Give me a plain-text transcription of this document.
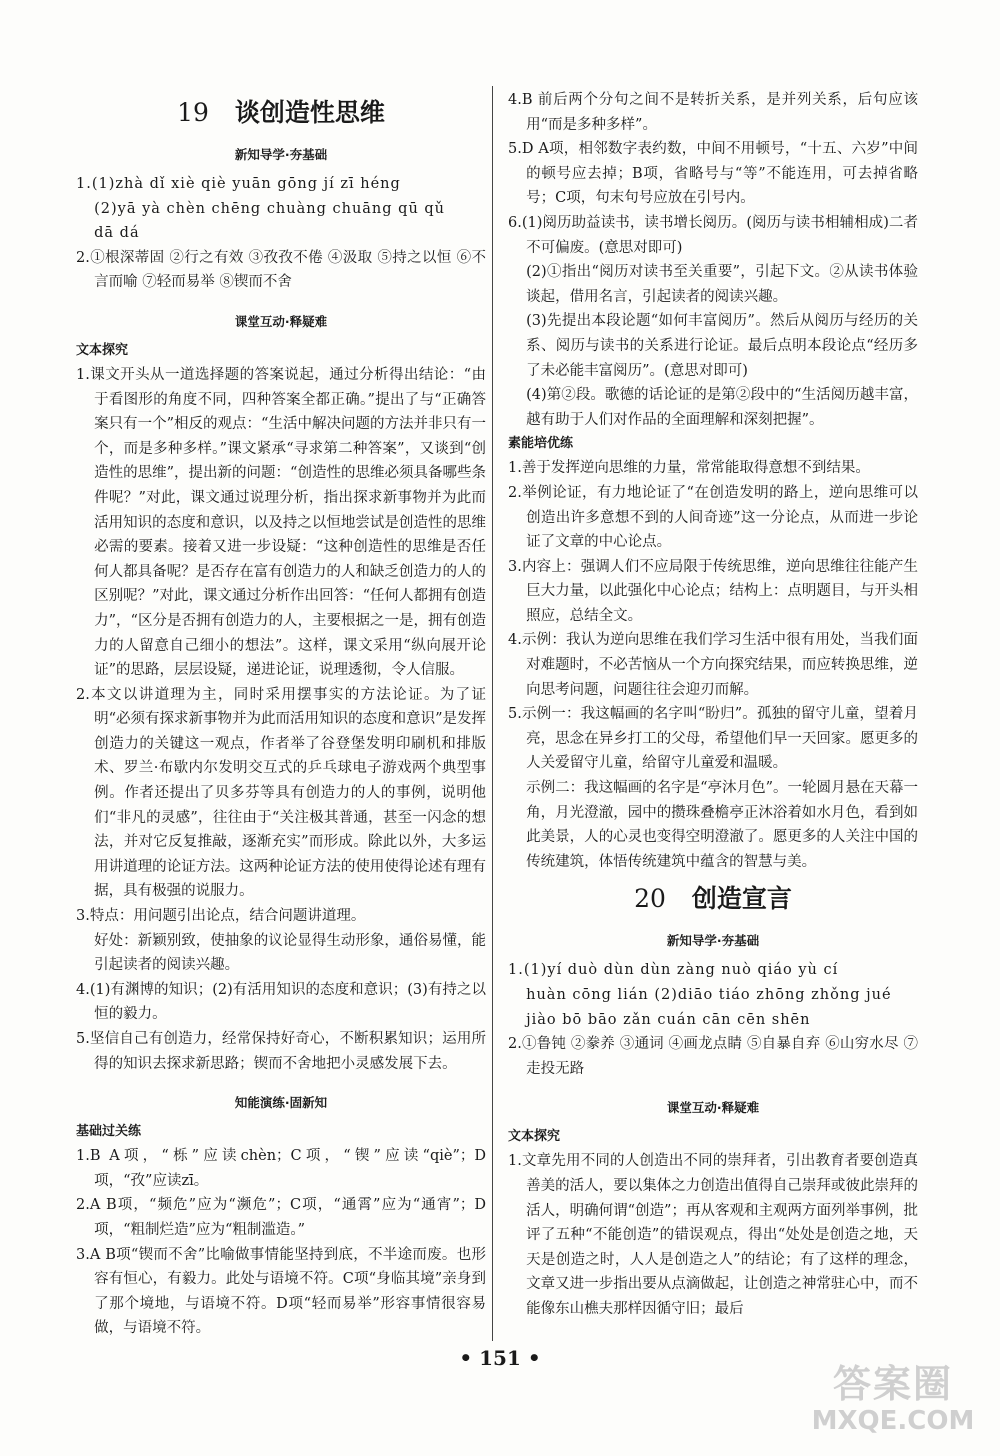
19 谈创造性思维
新知导学·夯基础

1.(1)zhà dǐ xiè qiè yuān gōng jí zī héng

(2)yā yà chèn chēng chuàng chuāng qū qǔ

dā dá

2.①根深蒂固 ②行之有效 ③孜孜不倦 ④汲取 ⑤持之以恒 ⑥不言而喻 ⑦轻而易举 ⑧锲而不舍

课堂互动·释疑难
文本探究

1.课文开头从一道选择题的答案说起，通过分析得出结论：“由于看图形的角度不同，四种答案全都正确。”提出了与“正确答案只有一个”相反的观点：“生活中解决问题的方法并非只有一个，而是多种多样。”课文紧承“寻求第二种答案”，又谈到“创造性的思维”，提出新的问题：“创造性的思维必须具备哪些条件呢？”对此，课文通过说理分析，指出探求新事物并为此而活用知识的态度和意识，以及持之以恒地尝试是创造性的思维必需的要素。接着又进一步设疑：“这种创造性的思维是否任何人都具备呢？是否存在富有创造力的人和缺乏创造力的人的区别呢？”对此，课文通过分析作出回答：“任何人都拥有创造力”，“区分是否拥有创造力的人，主要根据之一是，拥有创造力的人留意自己细小的想法”。这样，课文采用“纵向展开论证”的思路，层层设疑，递进论证，说理透彻，令人信服。

2.本文以讲道理为主，同时采用摆事实的方法论证。为了证明“必须有探求新事物并为此而活用知识的态度和意识”是发挥创造力的关键这一观点，作者举了谷登堡发明印刷机和排版术、罗兰·布歇内尔发明交互式的乒乓球电子游戏两个典型事例。作者还提出了贝多芬等具有创造力的人的事例，说明他们“非凡的灵感”，往往由于“关注极其普通，甚至一闪念的想法，并对它反复推敲，逐渐充实”而形成。除此以外，大多运用讲道理的论证方法。这两种论证方法的使用使得论述有理有据，具有极强的说服力。

3.特点：用问题引出论点，结合问题讲道理。

好处：新颖别致，使抽象的议论显得生动形象，通俗易懂，能引起读者的阅读兴趣。

4.(1)有渊博的知识；(2)有活用知识的态度和意识；(3)有持之以恒的毅力。

5.坚信自己有创造力，经常保持好奇心，不断积累知识；运用所得的知识去探求新思路；锲而不舍地把小灵感发展下去。

知能演练·固新知
基础过关练

1.B A项，“栎”应读chèn；C项，“锲”应读“qiè”；D项，“孜”应读zī。

2.A B项，“频危”应为“濒危”；C项，“通霄”应为“通宵”；D项，“粗制烂造”应为“粗制滥造。”

3.A B项“锲而不舍”比喻做事情能坚持到底，不半途而废。也形容有恒心，有毅力。此处与语境不符。C项“身临其境”亲身到了那个境地，与语境不符。D项“轻而易举”形容事情很容易做，与语境不符。

4.B 前后两个分句之间不是转折关系，是并列关系，后句应该用“而是多种多样”。

5.D A项，相邻数字表约数，中间不用顿号，“十五、六岁”中间的顿号应去掉；B项，省略号与“等”不能连用，可去掉省略号；C项，句末句号应放在引号内。

6.(1)阅历助益读书，读书增长阅历。(阅历与读书相辅相成)二者不可偏废。(意思对即可)

(2)①指出“阅历对读书至关重要”，引起下文。②从读书体验谈起，借用名言，引起读者的阅读兴趣。

(3)先提出本段论题“如何丰富阅历”。然后从阅历与经历的关系、阅历与读书的关系进行论证。最后点明本段论点“经历多了未必能丰富阅历”。(意思对即可)

(4)第②段。歌德的话论证的是第②段中的“生活阅历越丰富，越有助于人们对作品的全面理解和深刻把握”。

素能培优练

1.善于发挥逆向思维的力量，常常能取得意想不到结果。

2.举例论证，有力地论证了“在创造发明的路上，逆向思维可以创造出许多意想不到的人间奇迹”这一分论点，从而进一步论证了文章的中心论点。

3.内容上：强调人们不应局限于传统思维，逆向思维往往能产生巨大力量，以此强化中心论点；结构上：点明题目，与开头相照应，总结全文。

4.示例：我认为逆向思维在我们学习生活中很有用处，当我们面对难题时，不必苦恼从一个方向探究结果，而应转换思维，逆向思考问题，问题往往会迎刃而解。

5.示例一：我这幅画的名字叫“盼归”。孤独的留守儿童，望着月亮，思念在异乡打工的父母，希望他们早一天回家。愿更多的人关爱留守儿童，给留守儿童爱和温暖。

示例二：我这幅画的名字是“亭沐月色”。一轮圆月悬在天幕一角，月光澄澈，园中的攒珠叠檐亭正沐浴着如水月色，看到如此美景，人的心灵也变得空明澄澈了。愿更多的人关注中国的传统建筑，体悟传统建筑中蕴含的智慧与美。

20 创造宣言
新知导学·夯基础

1.(1)yí duò dùn dùn zàng nuò qiáo yù cí

huàn cōng lián (2)diāo tiáo zhōng zhǒng jué

jiào bō bāo zǎn cuán cān cēn shēn

2.①鲁钝 ②豢养 ③通词 ④画龙点睛 ⑤自暴自弃 ⑥山穷水尽 ⑦走投无路

课堂互动·释疑难
文本探究

1.文章先用不同的人创造出不同的崇拜者，引出教育者要创造真善美的活人，要以集体之力创造出值得自己崇拜或彼此崇拜的活人，明确何谓“创造”；再从客观和主观两方面列举事例，批评了五种“不能创造”的错误观点，得出“处处是创造之地，天天是创造之时，人人是创造之人”的结论；有了这样的理念，文章又进一步指出要从点滴做起，让创造之神常驻心中，而不能像东山樵夫那样因循守旧；最后

• 151 •
答案圈
MXQE.COM
